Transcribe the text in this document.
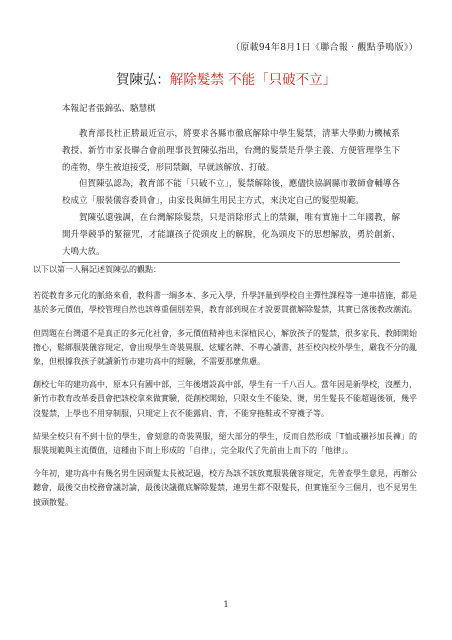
（原載94年8月1日《聯合報‧觀點爭鳴版》）
賀陳弘：解除髮禁 不能「只破不立」
本報記者張錦弘、駱慧棋

教育部長杜正勝最近宣示，將要求各縣市徹底解除中學生髮禁，清華大學動力機械系教授、新竹市家長聯合會前理事長賀陳弘指出，台灣的髮禁是升學主義、方便管理學生下的產物，學生被迫接受，形同禁錮，早就該解放、打破。

但賀陳弘認為，教育部不能「只破不立」，髮禁解除後，應儘快協調縣市教師會輔導各校成立「服裝儀容委員會」，由家長與師生用民主方式，來決定自己的髮型規範。

賀陳弘還強調，在台灣解除髮禁，只是消除形式上的禁錮，唯有實施十二年國教，解開升學競爭的緊箍咒，才能讓孩子從頭皮上的解脫，化為頭皮下的思想解放，勇於創新、大鳴大放。

以下以第一人稱記述賀陳弘的觀點：

若從教育多元化的脈絡來看，教科書一綱多本、多元入學，升學評量到學校自主彈性課程等一連串措施，都是基於多元價值，學校管理自然也該尊重個別差異，教育部到現在才說要貫徹解除髮禁，其實已落後教改潮流。

但問題在台灣還不是真正的多元化社會，多元價值精神也未深植民心，解放孩子的髮禁，很多家長、教師開始擔心，鬆綁服裝儀容規定，會出現學生奇裝異服、炫耀名牌、不專心讀書，甚至校內校外學生，嚴我不分的亂象，但根據我孩子就讀新竹市建功高中的經驗，不需要那麼焦慮。

創校七年的建功高中，原本只有國中部，三年後增設高中部，學生有一千八百人。當年因是新學校，沒壓力，新竹市教育改革委員會把該校拿來做實驗，從創校開始，只限女生不能染、燙，男生髮長不能超過後領，幾乎沒髮禁，上學也不用穿制服，只規定上衣不能露肩、背，不能穿拖鞋或不穿襪子等。

結果全校只有不到十位的學生，會刻意的奇裝異服，絕大部分的學生，反而自然形成「T恤或襯衫加長褲」的服裝規範與主流價值，這種由下而上形成的「自律」，完全取代了先前由上而下的「他律」。

今年初，建功高中有幾名男生因頭髮太長被記過，校方為該不該放寬服裝儀容規定，先普查學生意見，再辦公聽會，最後交由校務會議討論，最後決議徹底解除髮禁，連男生都不限髮長，但實施至今三個月，也不見男生披頭散髮。

1
